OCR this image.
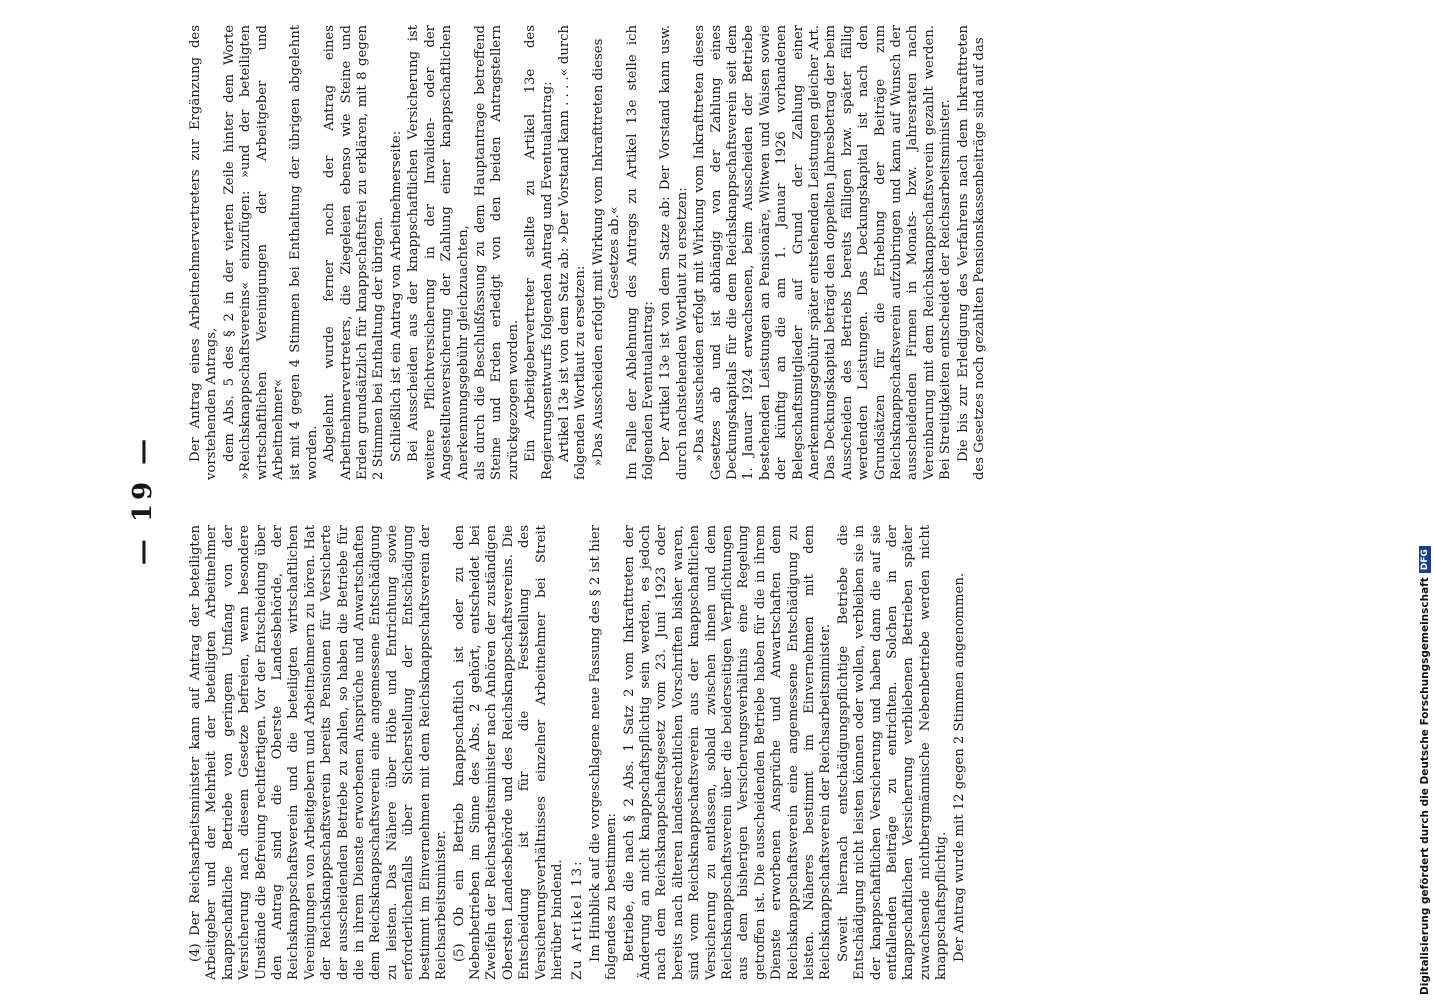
— 19 —

(4) Der Reichsarbeitsminister kann auf Antrag der beteiligten Arbeitgeber und der Mehrheit der beteiligten Arbeitnehmer knappschaftliche Betriebe von geringem Umfang von der Versicherung nach diesem Gesetze befreien, wenn besondere Umstände die Befreiung rechtfertigen. Vor der Entscheidung über den Antrag sind die Oberste Landesbehörde, der Reichsknappschaftsverein und die beteiligten wirtschaftlichen Vereinigungen von Arbeitgebern und Arbeitnehmern zu hören. Hat der Reichsknappschaftsverein bereits Pensionen für Versicherte der ausscheidenden Betriebe zu zahlen, so haben die Betriebe für die in ihrem Dienste erworbenen Ansprüche und Anwartschaften dem Reichsknappschaftsverein eine angemessene Entschädigung zu leisten. Das Nähere über Höhe und Entrichtung sowie erforderlichenfalls über Sicherstellung der Entschädigung bestimmt im Einvernehmen mit dem Reichsknappschaftsverein der Reichsarbeitsminister. (5) Ob ein Betrieb knappschaftlich ist oder zu den Nebenbetrieben im Sinne des Abs. 2 gehört, entscheidet bei Zweifeln der Reichsarbeitsminister nach Anhören der zuständigen Obersten Landesbehörde und des Reichsknappschaftsvereins. Die Entscheidung ist für die Feststellung des Versicherungsverhältnisses einzelner Arbeitnehmer bei Streit hierüber bindend. Zu Artikel 13: Im Hinblick auf die vorgeschlagene neue Fassung des § 2 ist hier folgendes zu bestimmen: Betriebe, die nach § 2 Abs. 1 Satz 2 vom Inkrafttreten der Änderung an nicht knappschaftspflichtig sein werden, es jedoch nach dem Reichsknappschaftsgesetz vom 23. Juni 1923 oder bereits nach älteren landesrechtlichen Vorschriften bisher waren, sind vom Reichsknappschaftsverein aus der knappschaftlichen Versicherung zu entlassen, sobald zwischen ihnen und dem Reichsknappschaftsverein über die beiderseitigen Verpflichtungen aus dem bisherigen Versicherungsverhältnis eine Regelung getroffen ist. Die ausscheidenden Betriebe haben für die in ihrem Dienste erworbenen Ansprüche und Anwartschaften dem Reichsknappschaftsverein eine angemessene Entschädigung zu leisten. Näheres bestimmt im Einvernehmen mit dem Reichsknappschaftsverein der Reichsarbeitsminister. Soweit hiernach entschädigungspflichtige Betriebe die Entschädigung nicht leisten können oder wollen, verbleiben sie in der knappschaftlichen Versicherung und haben dann die auf sie entfallenden Beiträge zu entrichten. Solchen in der knappschaftlichen Versicherung verbliebenen Betrieben später zuwachsende nichtbergmännische Nebenbetriebe werden nicht knappschaftspflichtig. Der Antrag wurde mit 12 gegen 2 Stimmen angenommen.

Der Antrag eines Arbeitnehmervertreters zur Ergänzung des vorstehenden Antrags, dem Abs. 5 des § 2 in der vierten Zeile hinter dem Worte »Reichsknappschaftsvereins« einzufügen: »und der beteiligten wirtschaftlichen Vereinigungen der Arbeitgeber und Arbeitnehmer« ist mit 4 gegen 4 Stimmen bei Enthaltung der übrigen abgelehnt worden. Abgelehnt wurde ferner noch der Antrag eines Arbeitnehmervertreters, die Ziegeleien ebenso wie Steine und Erden grundsätzlich für knappschaftsfrei zu erklären, mit 8 gegen 2 Stimmen bei Enthaltung der übrigen. Schließlich ist ein Antrag von Arbeitnehmerseite: Bei Ausscheiden aus der knappschaftlichen Versicherung ist weitere Pflichtversicherung in der Invaliden- oder der Angestelltenversicherung der Zahlung einer knappschaftlichen Anerkennungsgebühr gleichzuachten, als durch die Beschlußfassung zu dem Hauptantrage betreffend Steine und Erden erledigt von den beiden Antragstellern zurückgezogen worden. Ein Arbeitgebervertreter stellte zu Artikel 13e des Regierungsentwurfs folgenden Antrag und Eventualantrag: Artikel 13e ist von dem Satz ab: »Der Vorstand kann . . . .« durch folgenden Wortlaut zu ersetzen: »Das Ausscheiden erfolgt mit Wirkung vom Inkrafttreten dieses Gesetzes ab.« Im Falle der Ablehnung des Antrags zu Artikel 13e stelle ich folgenden Eventualantrag: Der Artikel 13e ist von dem Satze ab: Der Vorstand kann usw. durch nachstehenden Wortlaut zu ersetzen: »Das Ausscheiden erfolgt mit Wirkung vom Inkrafttreten dieses Gesetzes ab und ist abhängig von der Zahlung eines Deckungskapitals für die dem Reichsknappschaftsverein seit dem 1. Januar 1924 erwachsenen, beim Ausscheiden der Betriebe bestehenden Leistungen an Pensionäre, Witwen und Waisen sowie der künftig an die am 1. Januar 1926 vorhandenen Belegschaftsmitglieder auf Grund der Zahlung einer Anerkennungsgebühr später entstehenden Leistungen gleicher Art. Das Deckungskapital beträgt den doppelten Jahresbetrag der beim Ausscheiden des Betriebs bereits fälligen bzw. später fällig werdenden Leistungen. Das Deckungskapital ist nach den Grundsätzen für die Erhebung der Beiträge zum Reichsknappschaftsverein aufzubringen und kann auf Wunsch der ausscheidenden Firmen in Monats- bzw. Jahresraten nach Vereinbarung mit dem Reichsknappschaftsverein gezahlt werden. Bei Streitigkeiten entscheidet der Reichsarbeitsminister. Die bis zur Erledigung des Verfahrens nach dem Inkrafttreten des Gesetzes noch gezahlten Pensionskassenbeiträge sind auf das

Digitalisierung gefördert durch die Deutsche Forschungsgemeinschaft
DFG
